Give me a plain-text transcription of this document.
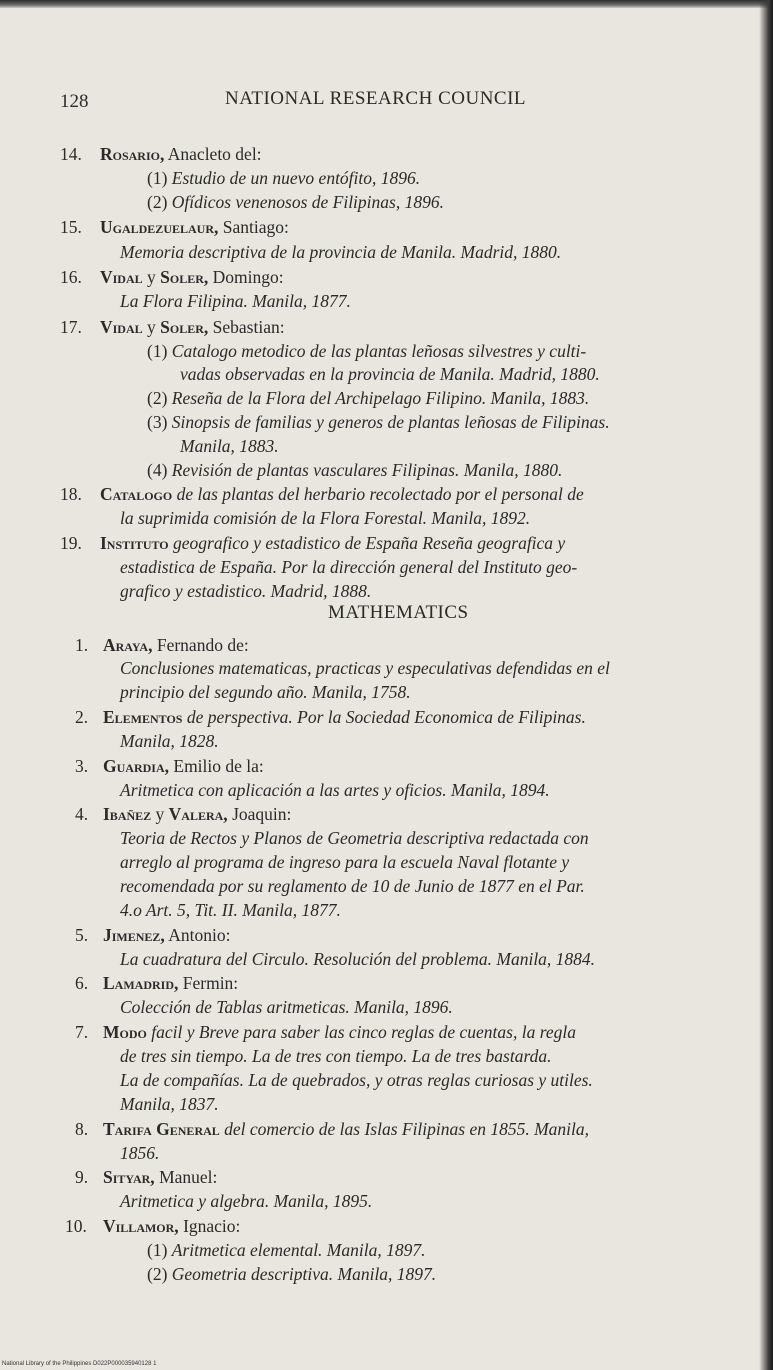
128	NATIONAL RESEARCH COUNCIL
14. Rosario, Anacleto del:
(1) Estudio de un nuevo entófito, 1896.
(2) Ofídicos venenosos de Filipinas, 1896.
15. Ugaldezuelaur, Santiago:
Memoria descriptiva de la provincia de Manila. Madrid, 1880.
16. Vidal y Soler, Domingo:
La Flora Filipina. Manila, 1877.
17. Vidal y Soler, Sebastian:
(1) Catalogo metodico de las plantas leñosas silvestres y culti-
vadas observadas en la provincia de Manila. Madrid, 1880.
(2) Reseña de la Flora del Archipelago Filipino. Manila, 1883.
(3) Sinopsis de familias y generos de plantas leñosas de Filipinas.
Manila, 1883.
(4) Revisión de plantas vasculares Filipinas. Manila, 1880.
18. Catalogo de las plantas del herbario recolectado por el personal de
la suprimida comisión de la Flora Forestal. Manila, 1892.
19. Instituto geografico y estadistico de España Reseña geografica y
estadistica de España. Por la dirección general del Instituto geo-
grafico y estadistico. Madrid, 1888.
MATHEMATICS
1. Araya, Fernando de:
Conclusiones matematicas, practicas y especulativas defendidas en el
principio del segundo año. Manila, 1758.
2. Elementos de perspectiva. Por la Sociedad Economica de Filipinas.
Manila, 1828.
3. Guardia, Emilio de la:
Aritmetica con aplicación a las artes y oficios. Manila, 1894.
4. Ibañez y Valera, Joaquin:
Teoria de Rectos y Planos de Geometria descriptiva redactada con
arreglo al programa de ingreso para la escuela Naval flotante y
recomendada por su reglamento de 10 de Junio de 1877 en el Par.
4.o Art. 5, Tit. II. Manila, 1877.
5. Jimenez, Antonio:
La cuadratura del Circulo. Resolución del problema. Manila, 1884.
6. Lamadrid, Fermin:
Colección de Tablas aritmeticas. Manila, 1896.
7. Modo facil y Breve para saber las cinco reglas de cuentas, la regla
de tres sin tiempo. La de tres con tiempo. La de tres bastarda.
La de compañías. La de quebrados, y otras reglas curiosas y utiles.
Manila, 1837.
8. Tarifa General del comercio de las Islas Filipinas en 1855. Manila,
1856.
9. Sityar, Manuel:
Aritmetica y algebra. Manila, 1895.
10. Villamor, Ignacio:
(1) Aritmetica elemental. Manila, 1897.
(2) Geometria descriptiva. Manila, 1897.
National Library of the Philippines D022P000035940128 1
